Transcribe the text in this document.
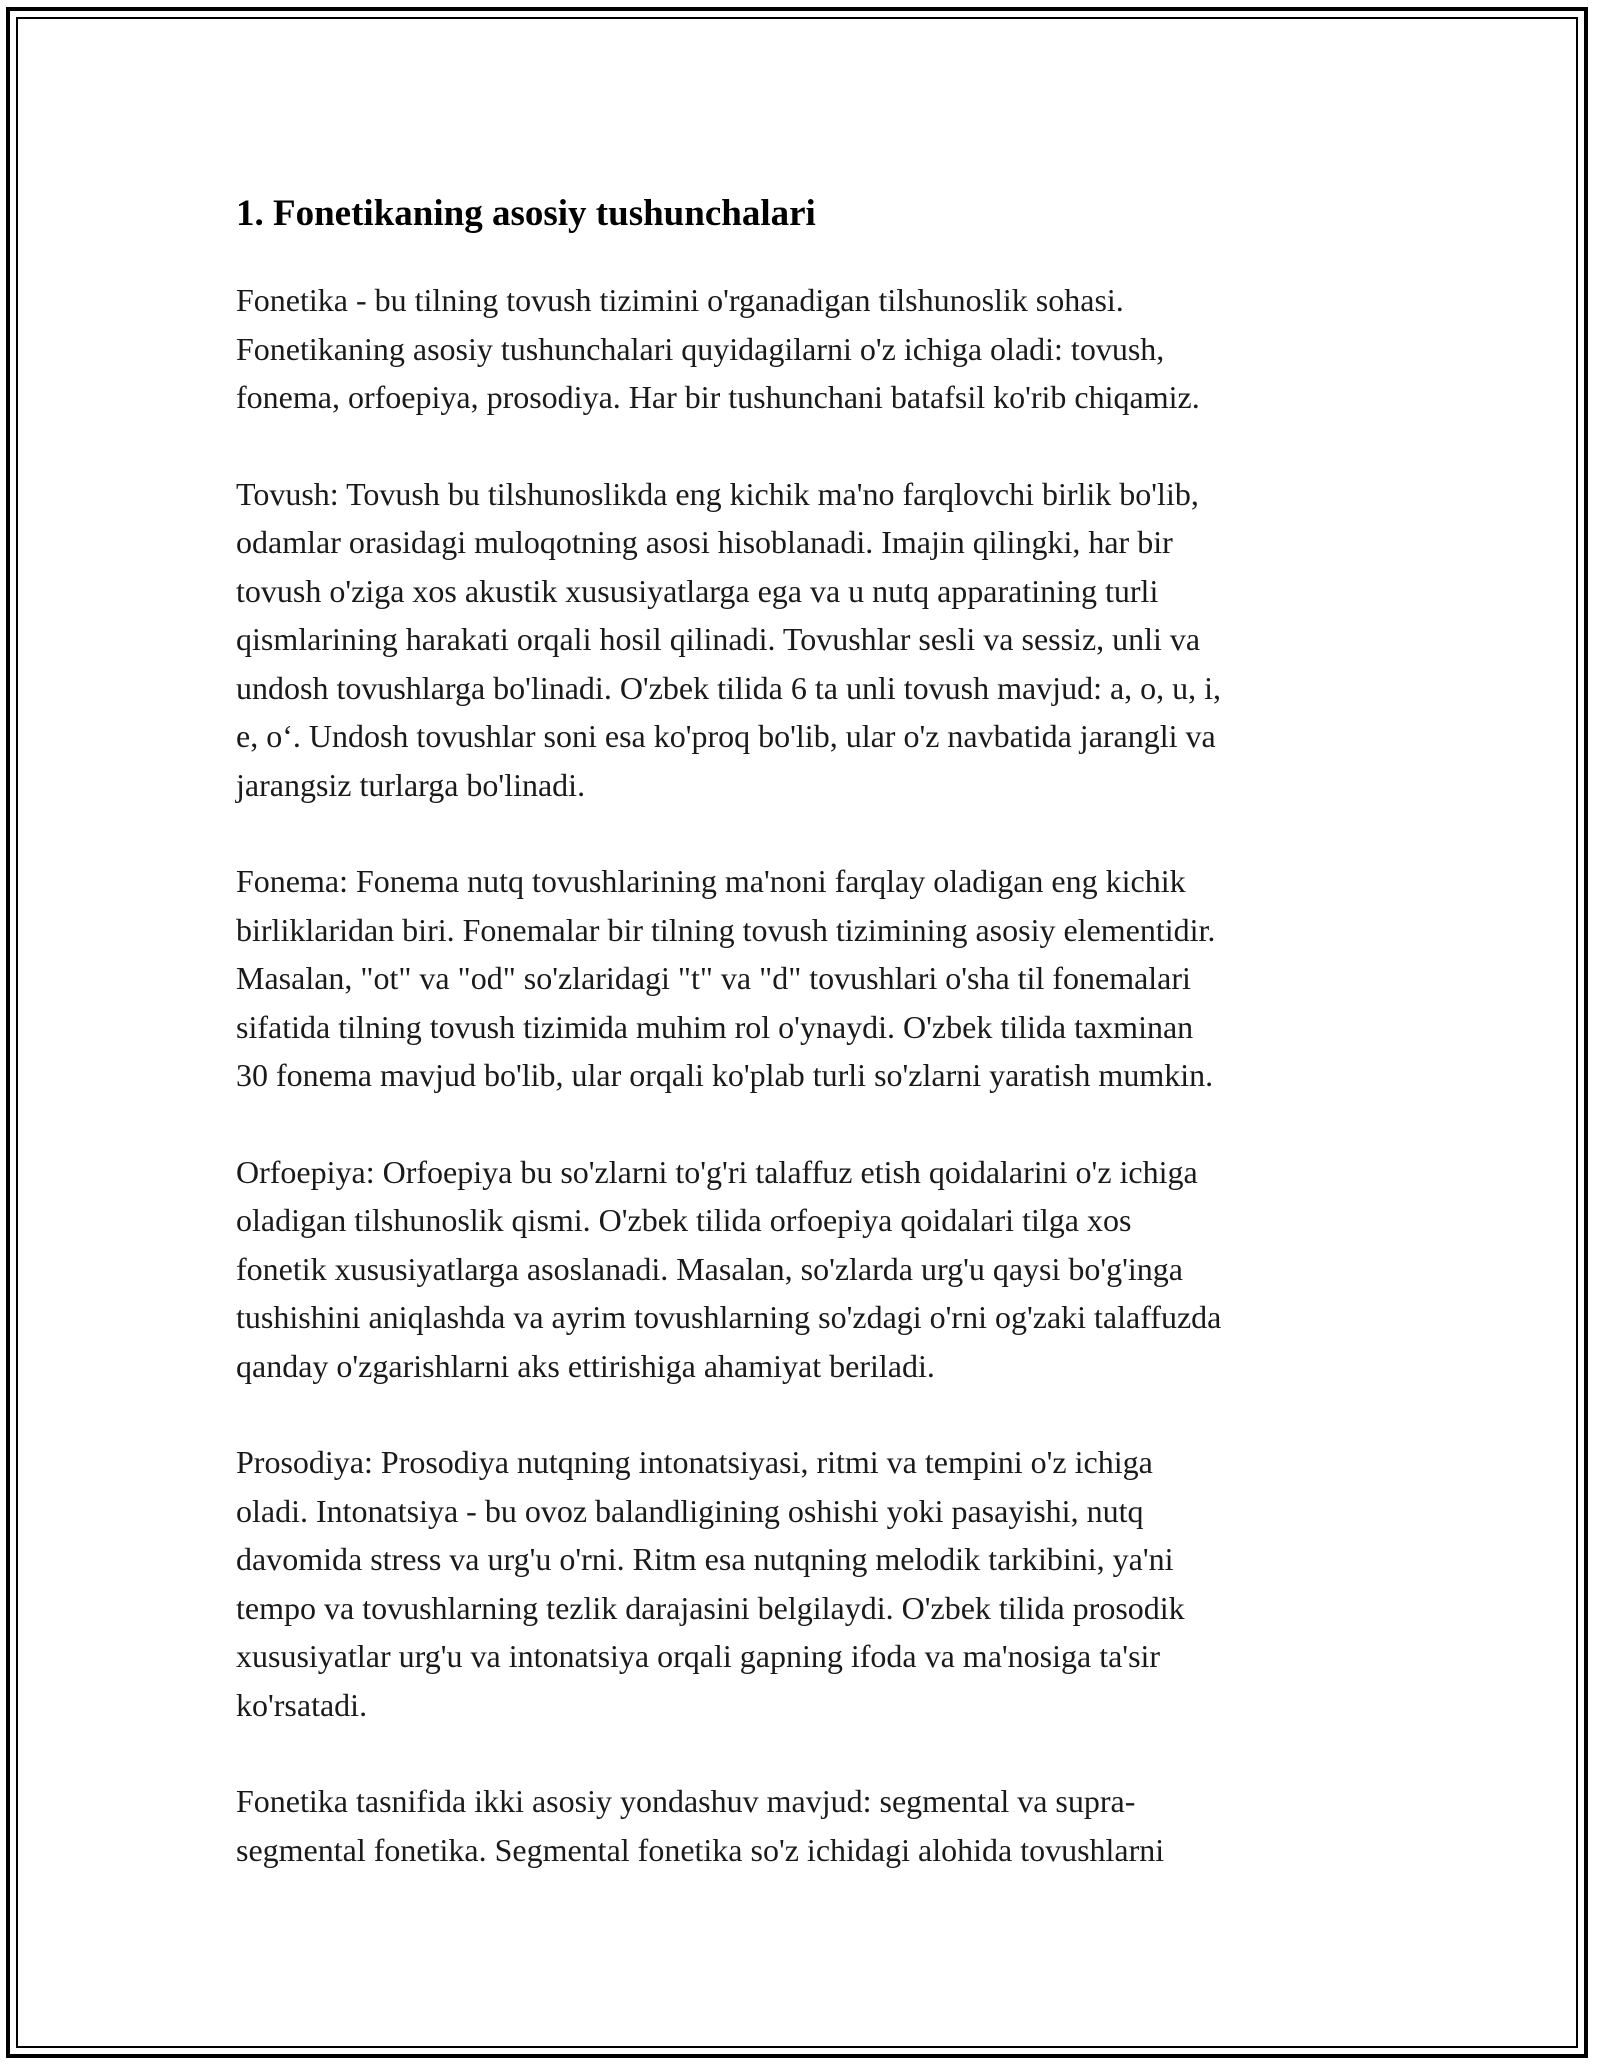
1. Fonetikaning asosiy tushunchalari

Fonetika - bu tilning tovush tizimini o'rganadigan tilshunoslik sohasi.
Fonetikaning asosiy tushunchalari quyidagilarni o'z ichiga oladi: tovush,
fonema, orfoepiya, prosodiya. Har bir tushunchani batafsil ko'rib chiqamiz.

Tovush: Tovush bu tilshunoslikda eng kichik ma'no farqlovchi birlik bo'lib,
odamlar orasidagi muloqotning asosi hisoblanadi. Imajin qilingki, har bir
tovush o'ziga xos akustik xususiyatlarga ega va u nutq apparatining turli
qismlarining harakati orqali hosil qilinadi. Tovushlar sesli va sessiz, unli va
undosh tovushlarga bo'linadi. O'zbek tilida 6 ta unli tovush mavjud: a, o, u, i,
e, o‘. Undosh tovushlar soni esa ko'proq bo'lib, ular o'z navbatida jarangli va
jarangsiz turlarga bo'linadi.

Fonema: Fonema nutq tovushlarining ma'noni farqlay oladigan eng kichik
birliklaridan biri. Fonemalar bir tilning tovush tizimining asosiy elementidir.
Masalan, "ot" va "od" so'zlaridagi "t" va "d" tovushlari o'sha til fonemalari
sifatida tilning tovush tizimida muhim rol o'ynaydi. O'zbek tilida taxminan
30 fonema mavjud bo'lib, ular orqali ko'plab turli so'zlarni yaratish mumkin.

Orfoepiya: Orfoepiya bu so'zlarni to'g'ri talaffuz etish qoidalarini o'z ichiga
oladigan tilshunoslik qismi. O'zbek tilida orfoepiya qoidalari tilga xos
fonetik xususiyatlarga asoslanadi. Masalan, so'zlarda urg'u qaysi bo'g'inga
tushishini aniqlashda va ayrim tovushlarning so'zdagi o'rni og'zaki talaffuzda
qanday o'zgarishlarni aks ettirishiga ahamiyat beriladi.

Prosodiya: Prosodiya nutqning intonatsiyasi, ritmi va tempini o'z ichiga
oladi. Intonatsiya - bu ovoz balandligining oshishi yoki pasayishi, nutq
davomida stress va urg'u o'rni. Ritm esa nutqning melodik tarkibini, ya'ni
tempo va tovushlarning tezlik darajasini belgilaydi. O'zbek tilida prosodik
xususiyatlar urg'u va intonatsiya orqali gapning ifoda va ma'nosiga ta'sir
ko'rsatadi.

Fonetika tasnifida ikki asosiy yondashuv mavjud: segmental va supra-
segmental fonetika. Segmental fonetika so'z ichidagi alohida tovushlarni
